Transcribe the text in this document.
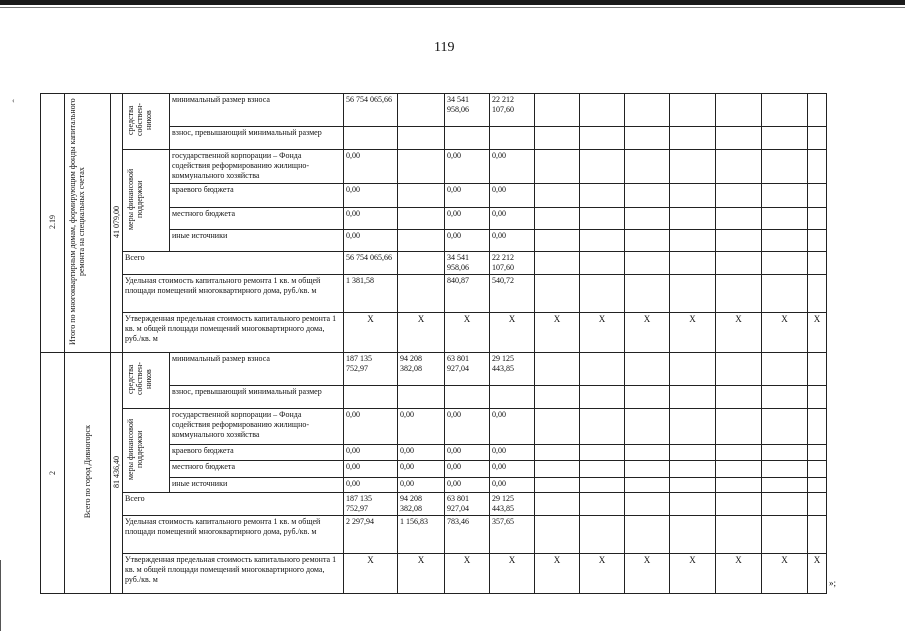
119
‹
2.19	Итого по многоквартирным домам, формирующим фонды капитального ремонта на специальных счетах	41 079,00	средства собствен-ников	минимальный размер взноса	56 754 065,66		34 541 958,06	22 212 107,60							
				взнос, превышающий минимальный размер											
			меры финансовой поддержки	государственной корпорации – Фонда содействия реформированию жилищно-коммунального хозяйства	0,00		0,00	0,00							
				краевого бюджета	0,00		0,00	0,00							
				местного бюджета	0,00		0,00	0,00							
				иные источники	0,00		0,00	0,00							
			Всего		56 754 065,66		34 541 958,06	22 212 107,60							
			Удельная стоимость капитального ремонта 1 кв. м общей площади помещений многоквартирного дома, руб./кв. м		1 381,58		840,87	540,72							
			Утвержденная предельная стоимость капитального ремонта 1 кв. м общей площади помещений многоквартирного дома, руб./кв. м		X	X	X	X	X	X	X	X	X	X	X
2	Всего по город Дивногорск	81 436,40	средства собствен-ников	минимальный размер взноса	187 135 752,97	94 208 382,08	63 801 927,04	29 125 443,85							
				взнос, превышающий минимальный размер											
			меры финансовой поддержки	государственной корпорации – Фонда содействия реформированию жилищно-коммунального хозяйства	0,00	0,00	0,00	0,00							
				краевого бюджета	0,00	0,00	0,00	0,00							
				местного бюджета	0,00	0,00	0,00	0,00							
				иные источники	0,00	0,00	0,00	0,00							
			Всего		187 135 752,97	94 208 382,08	63 801 927,04	29 125 443,85							
			Удельная стоимость капитального ремонта 1 кв. м общей площади помещений многоквартирного дома, руб./кв. м		2 297,94	1 156,83	783,46	357,65							
			Утвержденная предельная стоимость капитального ремонта 1 кв. м общей площади помещений многоквартирного дома, руб./кв. м		X	X	X	X	X	X	X	X	X	X	X
»;
